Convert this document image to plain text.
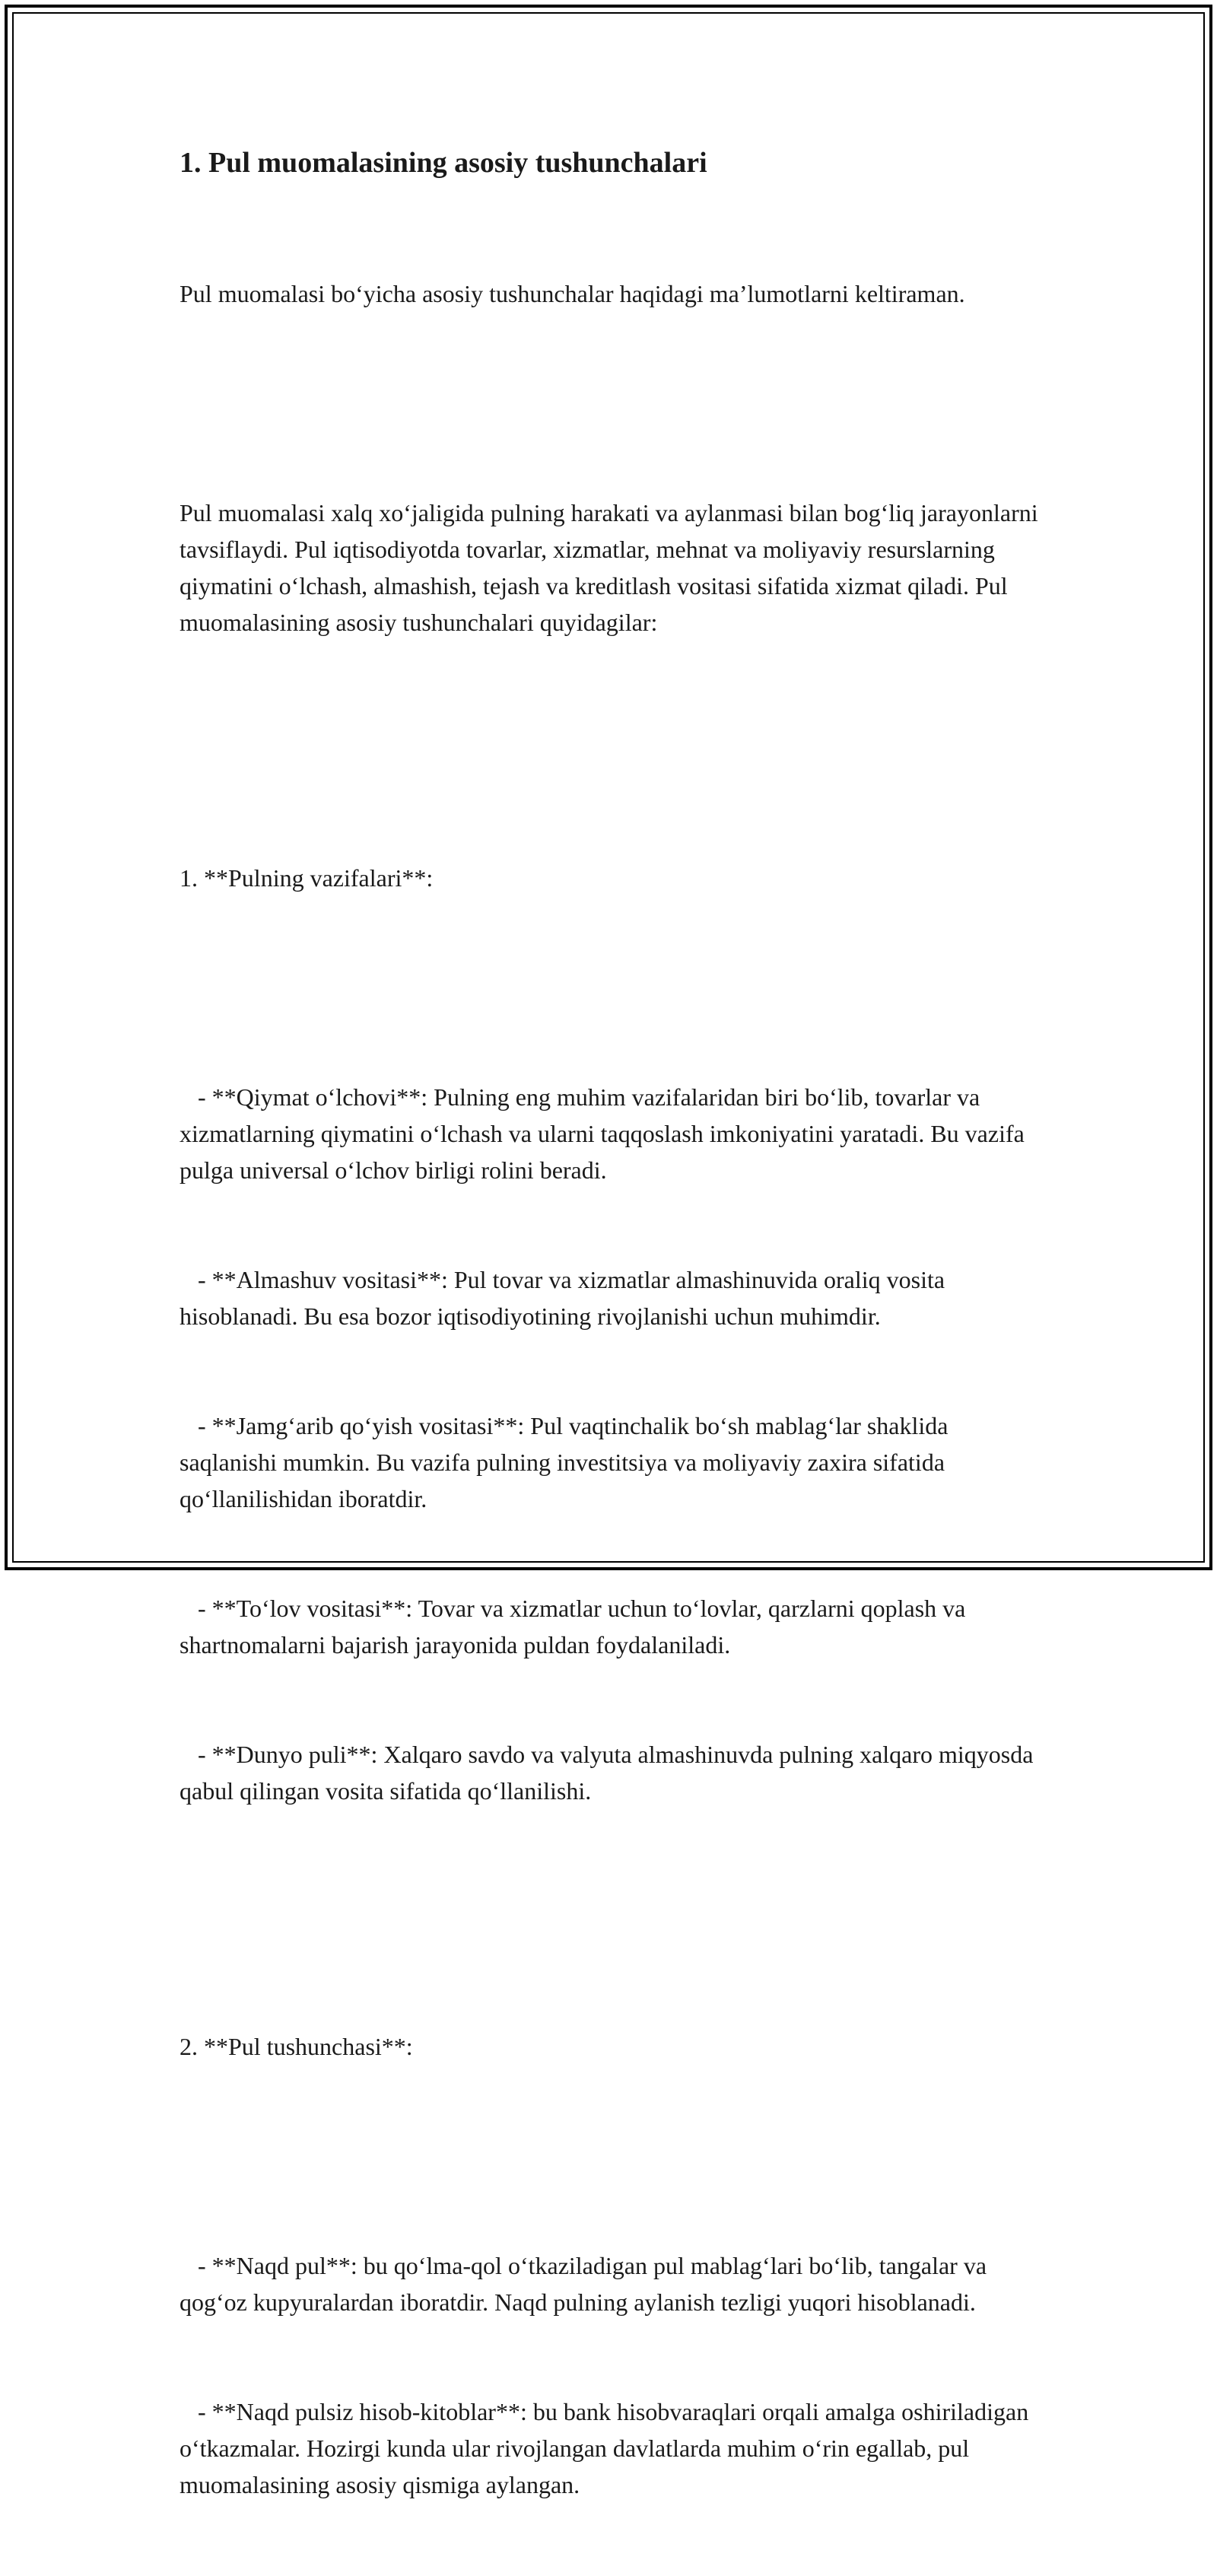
1. Pul muomalasining asosiy tushunchalari

Pul muomalasi bo‘yicha asosiy tushunchalar haqidagi ma’lumotlarni keltiraman.

Pul muomalasi xalq xo‘jaligida pulning harakati va aylanmasi bilan bog‘liq jarayonlarni tavsiflaydi. Pul iqtisodiyotda tovarlar, xizmatlar, mehnat va moliyaviy resurslarning qiymatini o‘lchash, almashish, tejash va kreditlash vositasi sifatida xizmat qiladi. Pul muomalasining asosiy tushunchalari quyidagilar:

1. **Pulning vazifalari**:

- **Qiymat o‘lchovi**: Pulning eng muhim vazifalaridan biri bo‘lib, tovarlar va xizmatlarning qiymatini o‘lchash va ularni taqqoslash imkoniyatini yaratadi. Bu vazifa pulga universal o‘lchov birligi rolini beradi.

- **Almashuv vositasi**: Pul tovar va xizmatlar almashinuvida oraliq vosita hisoblanadi. Bu esa bozor iqtisodiyotining rivojlanishi uchun muhimdir.

- **Jamg‘arib qo‘yish vositasi**: Pul vaqtinchalik bo‘sh mablag‘lar shaklida saqlanishi mumkin. Bu vazifa pulning investitsiya va moliyaviy zaxira sifatida qo‘llanilishidan iboratdir.

- **To‘lov vositasi**: Tovar va xizmatlar uchun to‘lovlar, qarzlarni qoplash va shartnomalarni bajarish jarayonida puldan foydalaniladi.

- **Dunyo puli**: Xalqaro savdo va valyuta almashinuvda pulning xalqaro miqyosda qabul qilingan vosita sifatida qo‘llanilishi.

2. **Pul tushunchasi**:

- **Naqd pul**: bu qo‘lma-qol o‘tkaziladigan pul mablag‘lari bo‘lib, tangalar va qog‘oz kupyuralardan iboratdir. Naqd pulning aylanish tezligi yuqori hisoblanadi.

- **Naqd pulsiz hisob-kitoblar**: bu bank hisobvaraqlari orqali amalga oshiriladigan o‘tkazmalar. Hozirgi kunda ular rivojlangan davlatlarda muhim o‘rin egallab, pul muomalasining asosiy qismiga aylangan.
